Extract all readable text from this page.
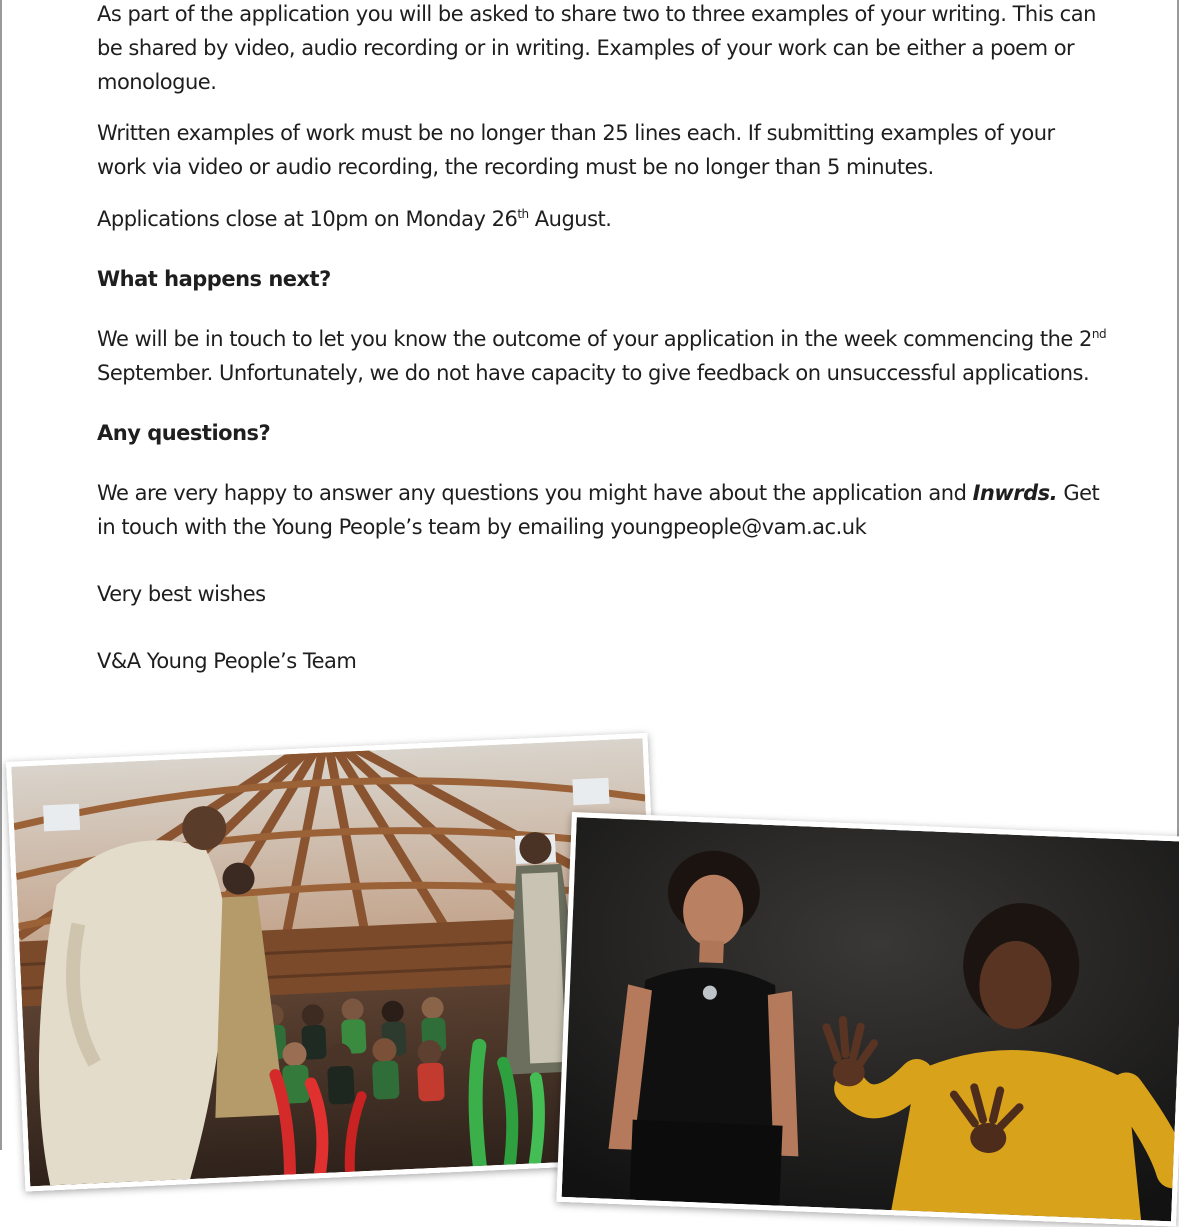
As part of the application you will be asked to share two to three examples of your writing. This can be shared by video, audio recording or in writing. Examples of your work can be either a poem or monologue.

Written examples of work must be no longer than 25 lines each. If submitting examples of your work via video or audio recording, the recording must be no longer than 5 minutes.

Applications close at 10pm on Monday 26th August.

What happens next?

We will be in touch to let you know the outcome of your application in the week commencing the 2nd September. Unfortunately, we do not have capacity to give feedback on unsuccessful applications.

Any questions?

We are very happy to answer any questions you might have about the application and Inwrds. Get in touch with the Young People’s team by emailing youngpeople@vam.ac.uk

Very best wishes

V&A Young People’s Team
